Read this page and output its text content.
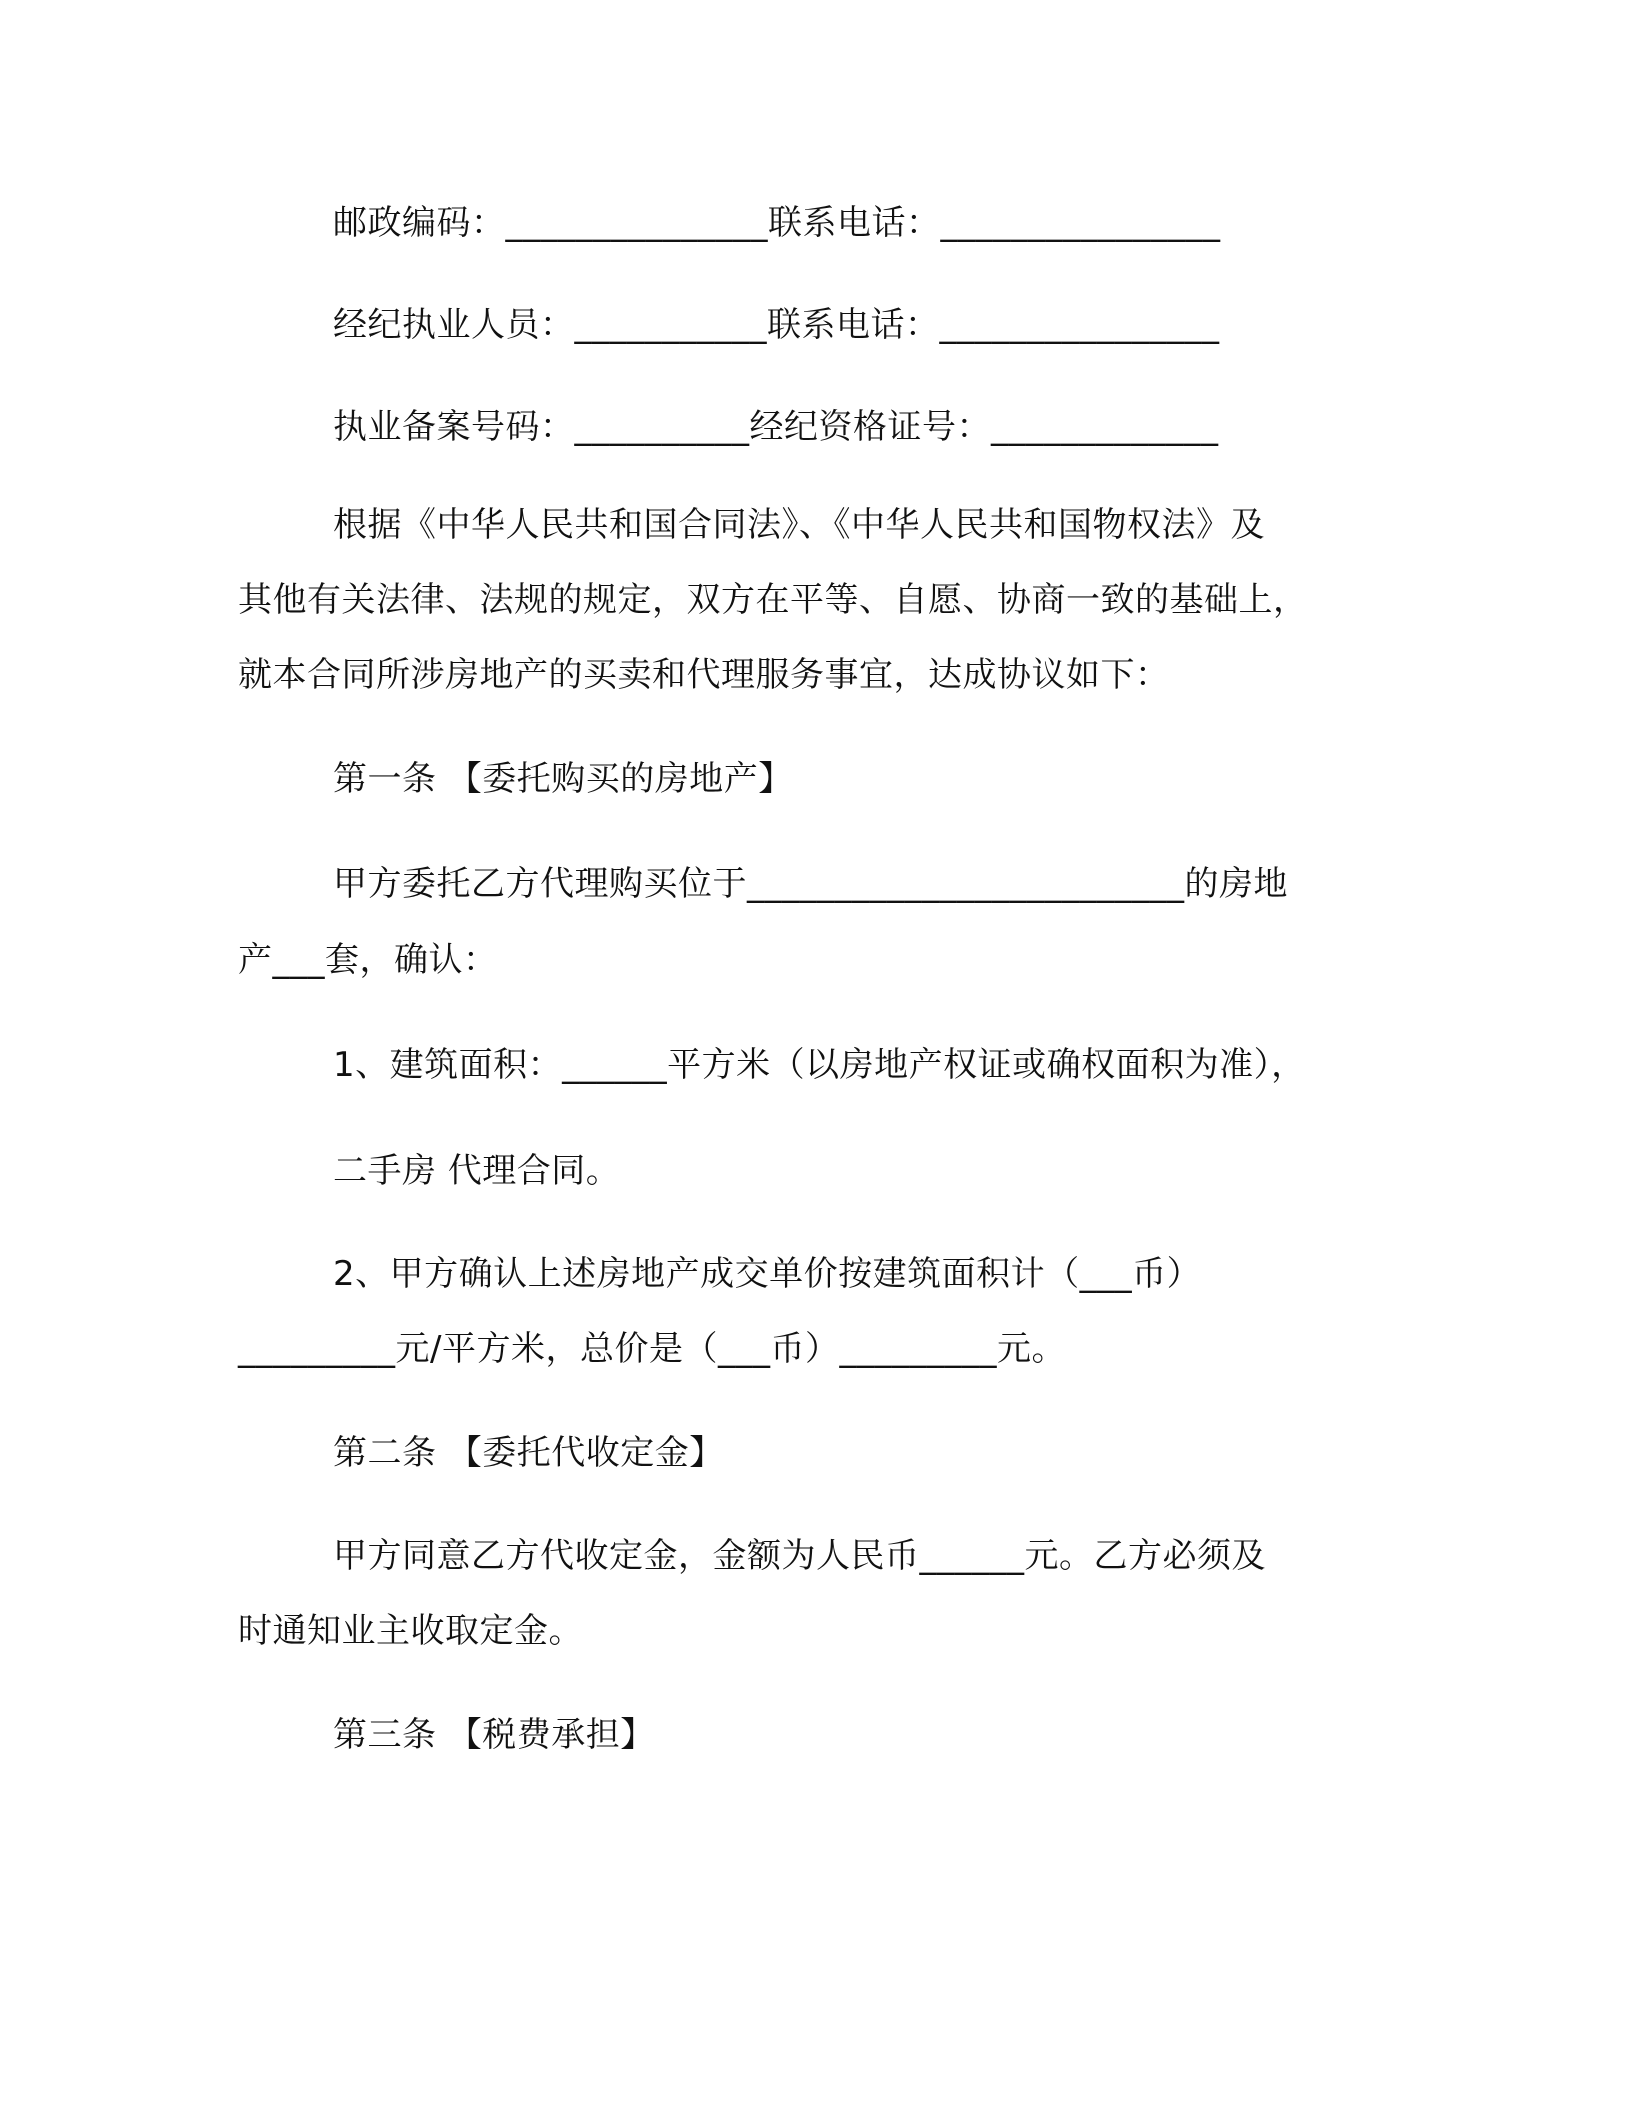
邮政编码：_______________联系电话：________________
经纪执业人员：___________联系电话：________________
执业备案号码：__________经纪资格证号：_____________
根据《中华人民共和国合同法》、《中华人民共和国物权法》及
其他有关法律、法规的规定，双方在平等、自愿、协商一致的基础上，
就本合同所涉房地产的买卖和代理服务事宜，达成协议如下：
第一条 【委托购买的房地产】
甲方委托乙方代理购买位于_________________________的房地
产___套，确认：
1、建筑面积：______平方米（以房地产权证或确权面积为准），
二手房 代理合同。
2、甲方确认上述房地产成交单价按建筑面积计（___币）
_________元/平方米，总价是（___币）_________元。
第二条 【委托代收定金】
甲方同意乙方代收定金，金额为人民币______元。乙方必须及
时通知业主收取定金。
第三条 【税费承担】
